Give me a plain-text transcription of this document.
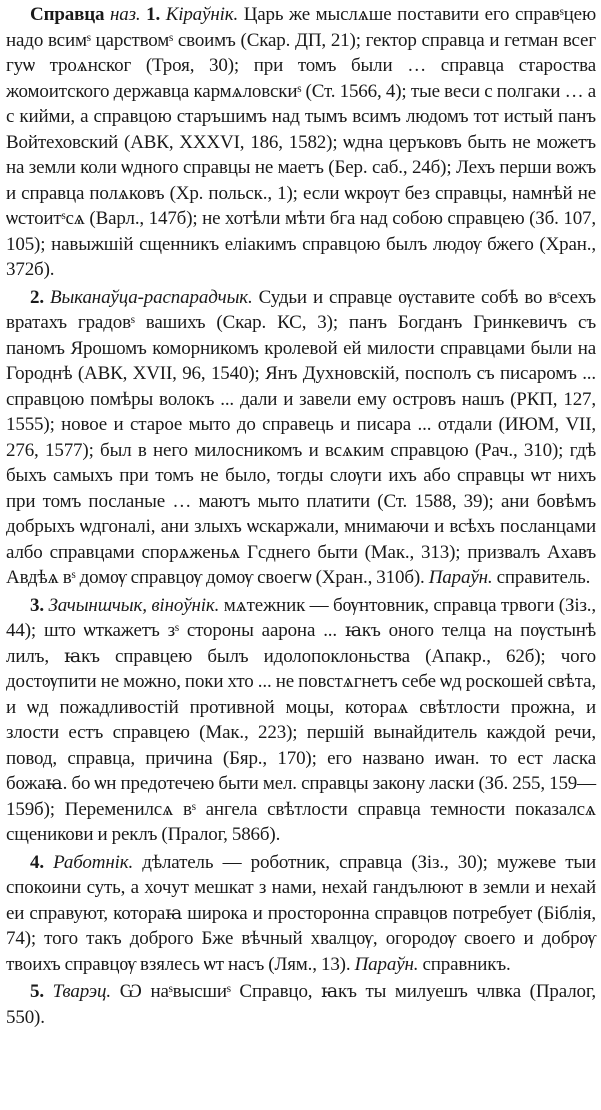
Справца наз. 1. Кіраўнік. Царь же мыслѧше поставити его справˢцею надо всимˢ царствомˢ своимъ (Скар. ДП, 21); гектор справца и гетман всег гуѡ троѧнског (Троя, 30); при томъ были … справца староства жомоитского державца кармѧловскиˢ (Ст. 1566, 4); тые веси с полгаки … а с кийми, а справцою старъшимъ над тымъ всимъ людомъ тот истый панъ Войтеховский (АВК, XXXVI, 186, 1582); ѡдна церъковъ быть не можетъ на земли коли ѡдного справцы не маетъ (Бер. саб., 24б); Лехъ перши вожъ и справца полѧковъ (Хр. польск., 1); если ѡкрѹт без справцы, намнѣй не ѡстоитˢсѧ (Варл., 147б); не хотѣли мѣти бга над собою справцею (Зб. 107, 105); навыжшій сщенникъ еліакимъ справцою былъ людѹ бжего (Хран., 372б).

2. Выканаўца-распарадчык. Судьи и справце ѹставите собѣ во вˢсехъ вратахъ градовˢ вашихъ (Скар. КС, 3); панъ Богданъ Гринкевичъ съ паномъ Ярошомъ коморникомъ кролевой ей милости справцами были на Городнѣ (АВК, XVII, 96, 1540); Янъ Духновскій, посполъ съ писаромъ ... справцою помѣры волокъ ... дали и завели ему островъ нашъ (РКП, 127, 1555); новое и старое мыто до справець и писара ... отдали (ИЮМ, VII, 276, 1577); был в него милосникомъ и всѧким справцою (Рач., 310); гдѣ быхъ самыхъ при томъ не было, тогды слѹги ихъ або справцы ѡт нихъ при томъ посланые … маютъ мыто платити (Ст. 1588, 39); ани бовѣмъ добрыхъ ѡдгоналі, ани злыхъ ѡскаржали, мнимаючи и всѣхъ посланцами албо справцами спорѧженьѧ Гсднего быти (Мак., 313); призвалъ Ахавъ Авдѣѧ вˢ домѹ справцѹ домѹ своегѡ (Хран., 310б). Параўн. справитель.

3. Зачыншчык, віноўнік. мѧтежник — бѹнтовник, справца трвоги (Зіз., 44); што ѡткажетъ зˢ стороны аарона ... ꙗкъ оного телца на пѹстынѣ лилъ, ꙗкъ справцею былъ идолопоклоньства (Апакр., 62б); чого достѹпити не можно, поки хто ... не повстѧгнетъ себе ѡд роскошей свѣта, и ѡд пожадливостій противной моцы, котораѧ свѣтлости прожна, и злости естъ справцею (Мак., 223); першій вынайдитель каждой речи, повод, справца, причина (Бяр., 170); его названо иѡан. то ест ласка божаꙗ. бо ѡн предотечею быти мел. справцы закону ласки (Зб. 255, 159—159б); Переменилсѧ вˢ ангела свѣтлости справца темности показалсѧ сщеникови и реклъ (Пралог, 586б).

4. Работнік. дѣлатель — роботник, справца (Зіз., 30); мужеве тыи спокоини суть, а хочут мешкат з нами, нехай гандълюют в земли и нехай еи справуют, котораꙗ широка и простороннa справцов потребует (Біблія, 74); того такъ доброго Бже вѣчный хвалцѹ, огородѹ своего и добрѹ твоихъ справцѹ взялесь ѡт насъ (Лям., 13). Параўн. справникъ.

5. Тварэц. Ѡ наˢвысшиˢ Справцо, ꙗкъ ты милуешъ члвка (Пралог, 550).
